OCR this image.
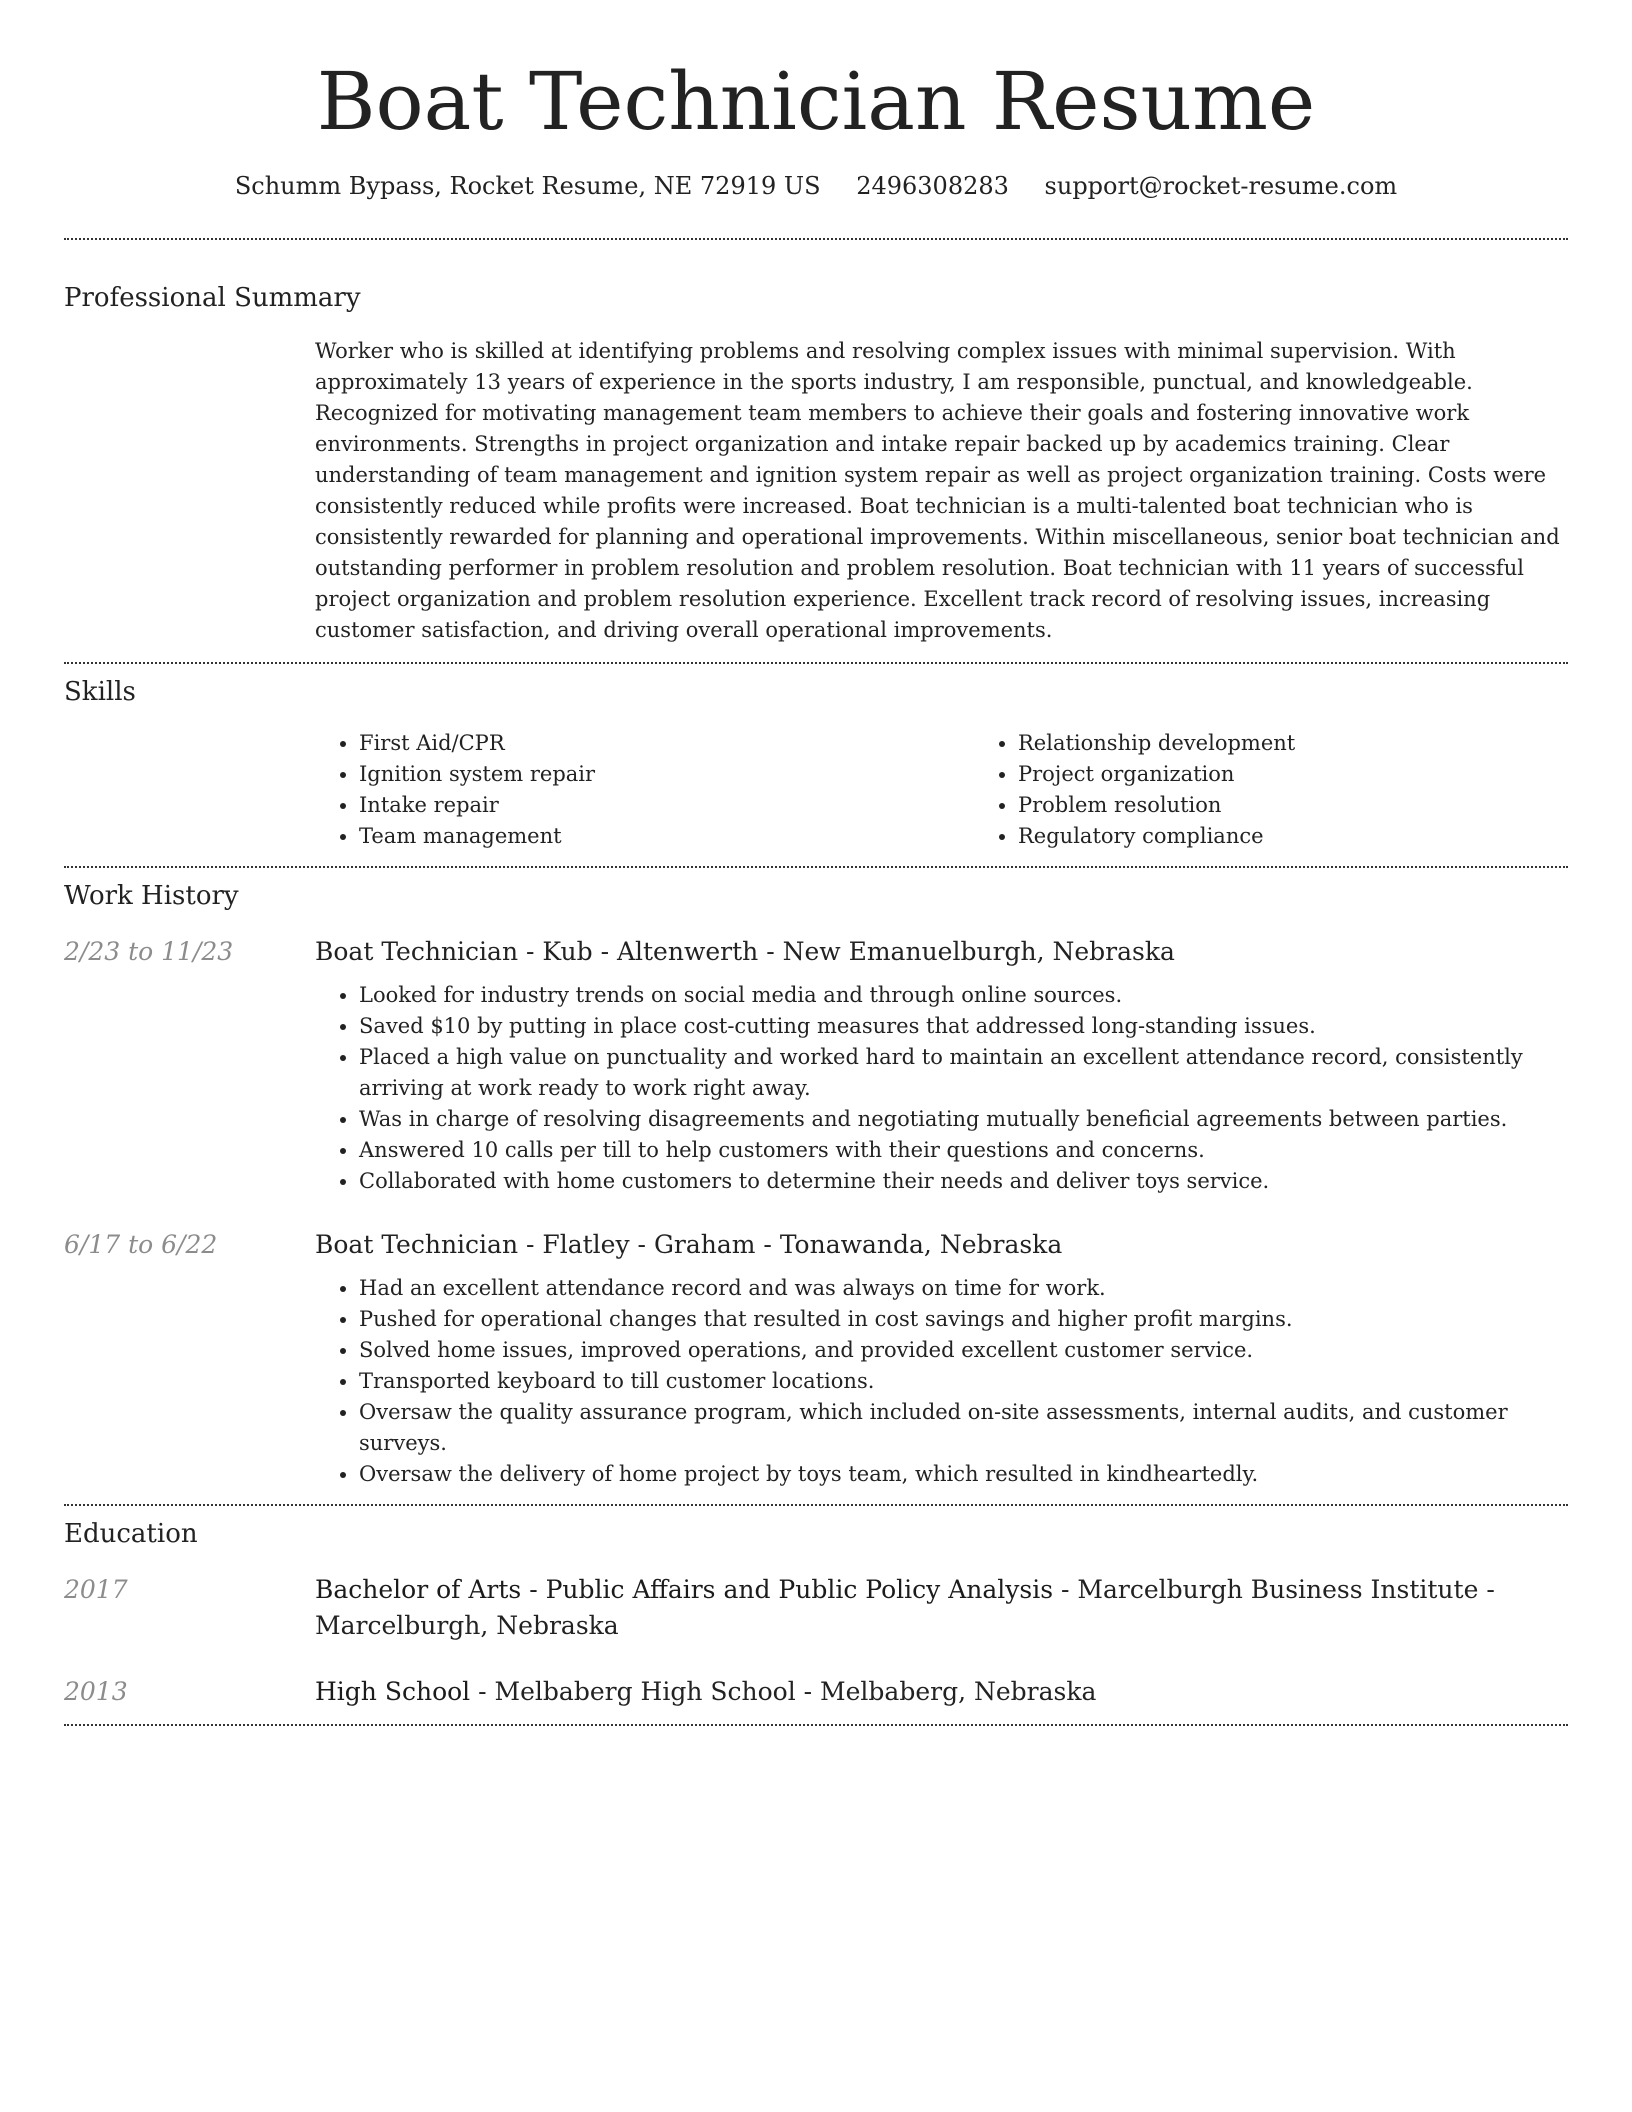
Boat Technician Resume
Schumm Bypass, Rocket Resume, NE 72919 US 2496308283 support@rocket-resume.com
Professional Summary

Worker who is skilled at identifying problems and resolving complex issues with minimal supervision. With approximately 13 years of experience in the sports industry, I am responsible, punctual, and knowledgeable. Recognized for motivating management team members to achieve their goals and fostering innovative work environments. Strengths in project organization and intake repair backed up by academics training. Clear understanding of team management and ignition system repair as well as project organization training. Costs were consistently reduced while profits were increased. Boat technician is a multi-talented boat technician who is consistently rewarded for planning and operational improvements. Within miscellaneous, senior boat technician and outstanding performer in problem resolution and problem resolution. Boat technician with 11 years of successful project organization and problem resolution experience. Excellent track record of resolving issues, increasing customer satisfaction, and driving overall operational improvements.

Skills
• First Aid/CPR
• Ignition system repair
• Intake repair
• Team management
• Relationship development
• Project organization
• Problem resolution
• Regulatory compliance
Work History
2/23 to 11/23	Boat Technician - Kub - Altenwerth - New Emanuelburgh, Nebraska
• Looked for industry trends on social media and through online sources.
• Saved $10 by putting in place cost-cutting measures that addressed long-standing issues.
• Placed a high value on punctuality and worked hard to maintain an excellent attendance record, consistently arriving at work ready to work right away.
• Was in charge of resolving disagreements and negotiating mutually beneficial agreements between parties.
• Answered 10 calls per till to help customers with their questions and concerns.
• Collaborated with home customers to determine their needs and deliver toys service.
6/17 to 6/22	Boat Technician - Flatley - Graham - Tonawanda, Nebraska
• Had an excellent attendance record and was always on time for work.
• Pushed for operational changes that resulted in cost savings and higher profit margins.
• Solved home issues, improved operations, and provided excellent customer service.
• Transported keyboard to till customer locations.
• Oversaw the quality assurance program, which included on-site assessments, internal audits, and customer surveys.
• Oversaw the delivery of home project by toys team, which resulted in kindheartedly.
Education
2017	Bachelor of Arts - Public Affairs and Public Policy Analysis - Marcelburgh Business Institute - Marcelburgh, Nebraska
2013	High School - Melbaberg High School - Melbaberg, Nebraska
